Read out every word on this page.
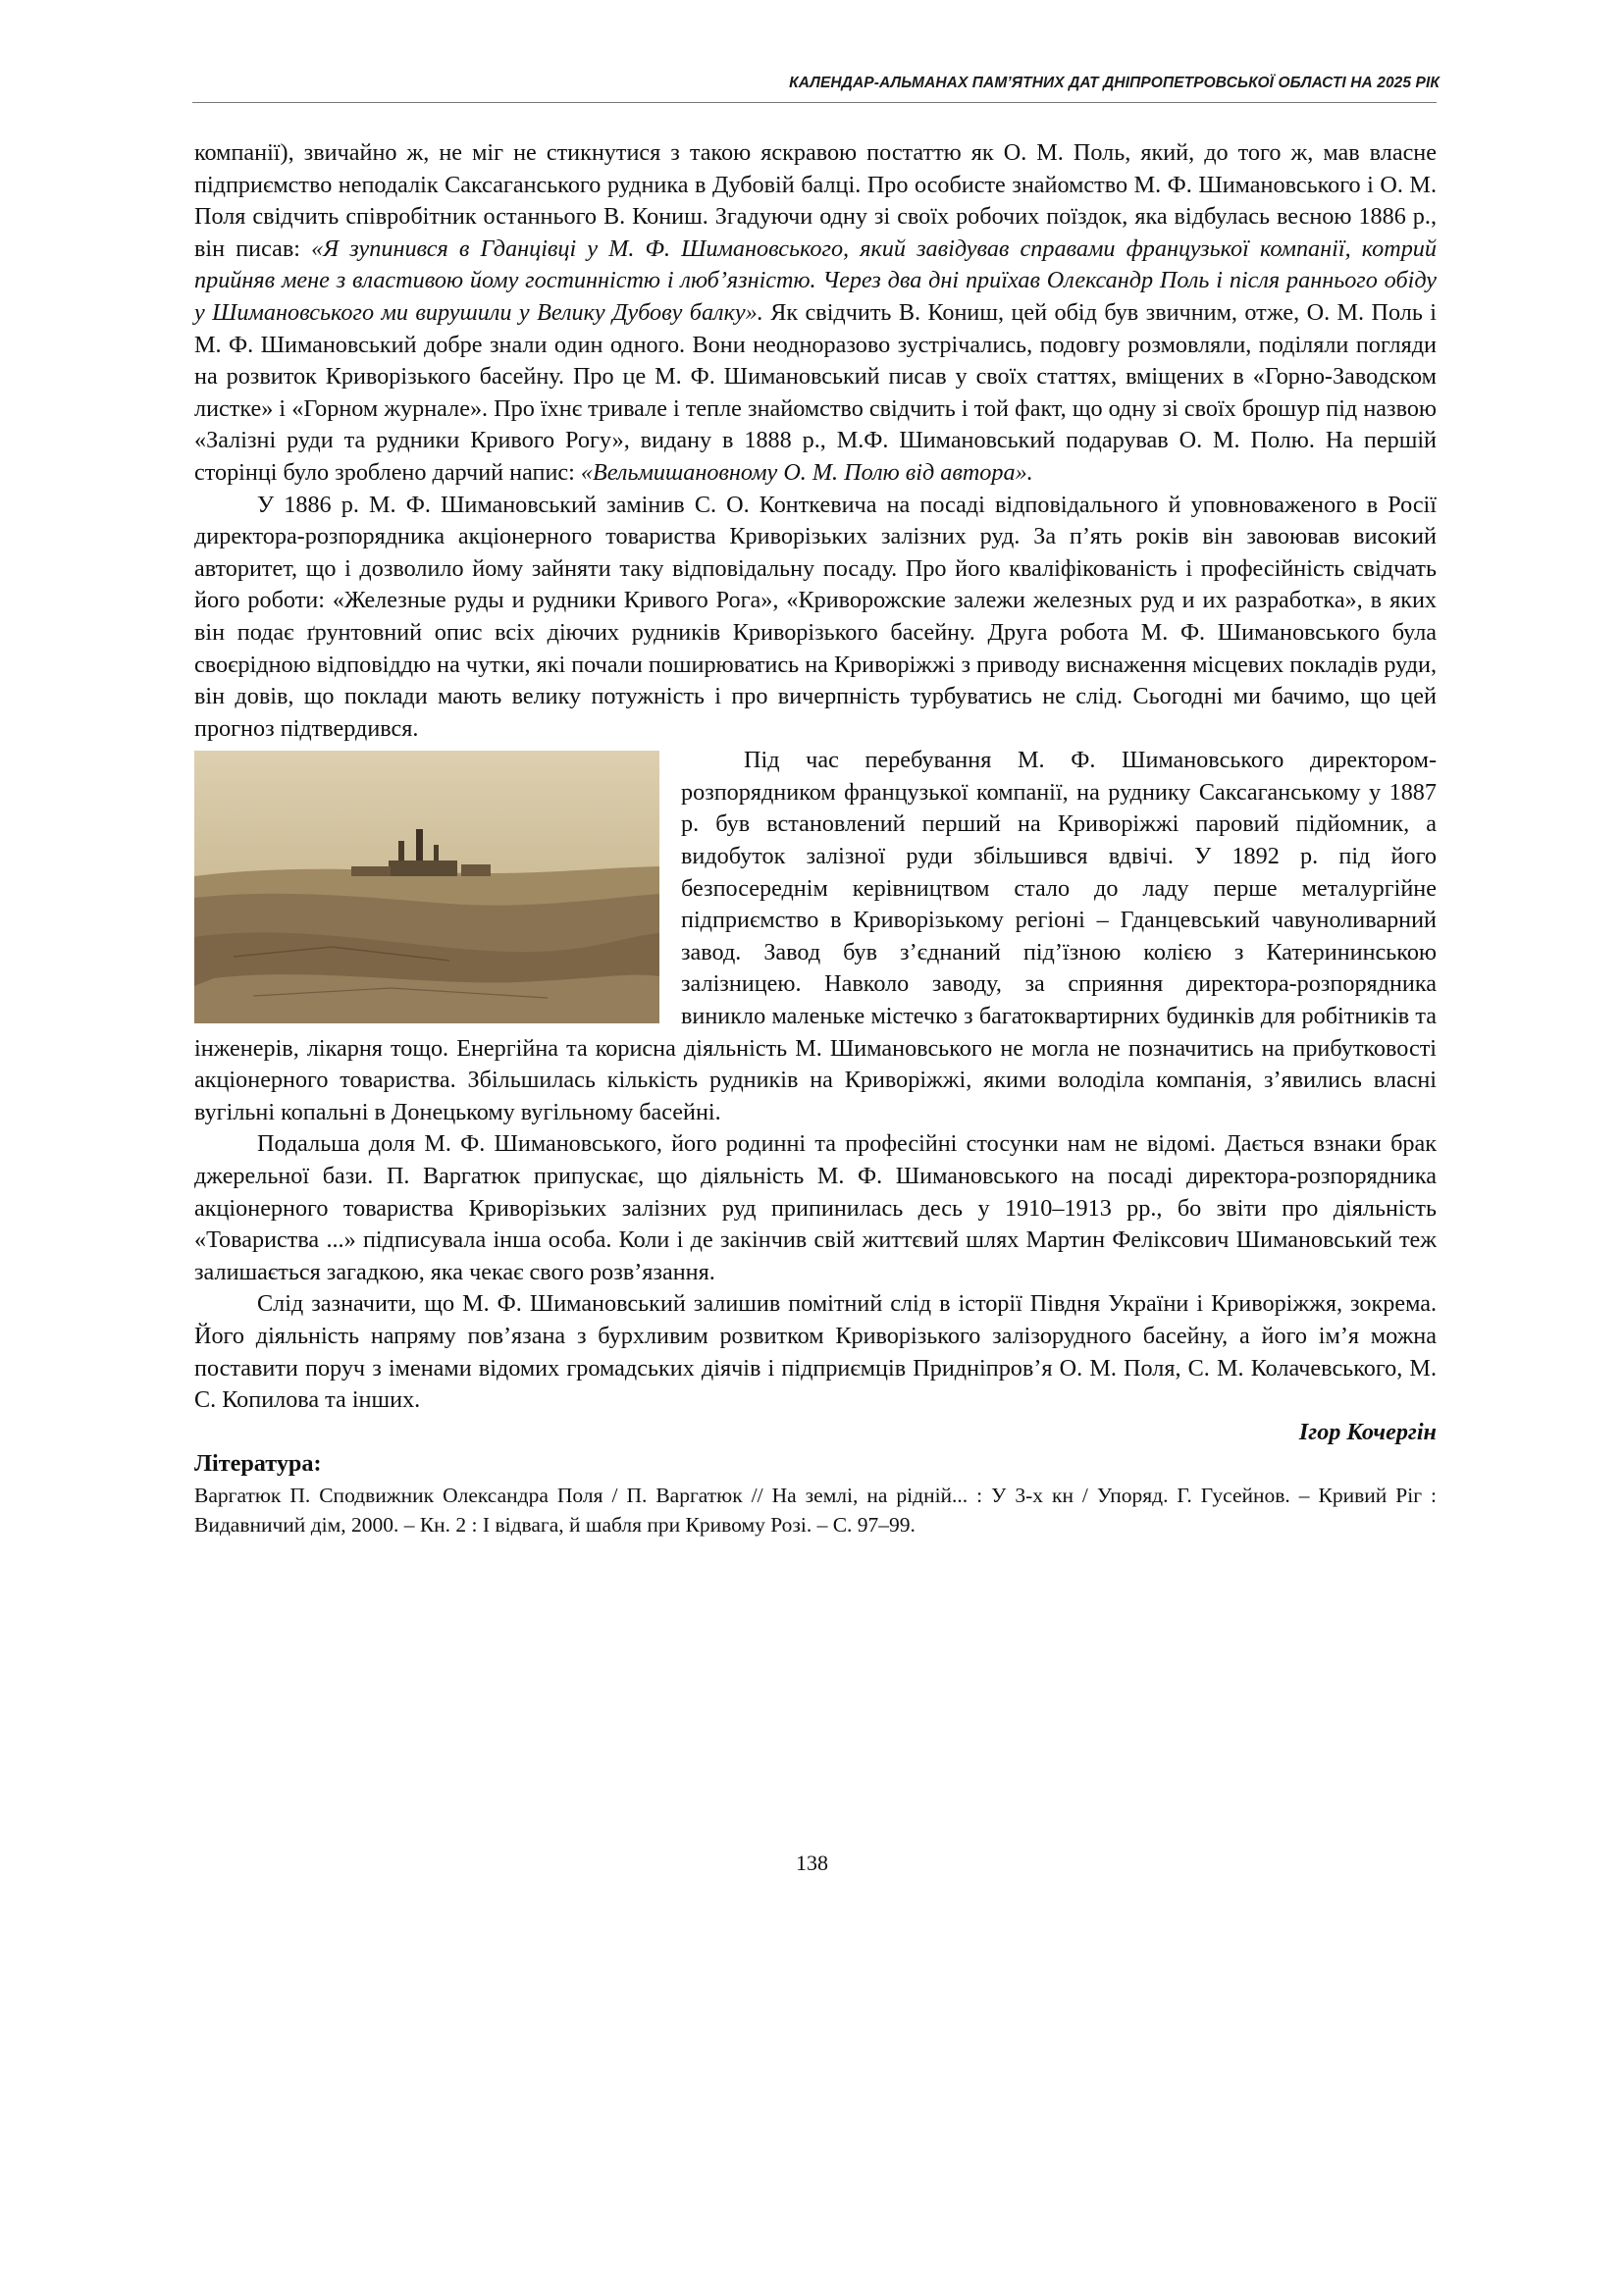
КАЛЕНДАР-АЛЬМАНАХ ПАМ’ЯТНИХ ДАТ ДНІПРОПЕТРОВСЬКОЇ ОБЛАСТІ НА 2025 РІК

компанії), звичайно ж, не міг не стикнутися з такою яскравою постаттю як О. М. Поль, який, до того ж, мав власне підприємство неподалік Саксаганського рудника в Дубовій балці. Про особисте знайомство М. Ф. Шимановського і О. М. Поля свідчить співробітник останнього В. Кониш. Згадуючи одну зі своїх робочих поїздок, яка відбулась весною 1886 р., він писав: «Я зупинився в Гданцівці у М. Ф. Шимановського, який завідував справами французької компанії, котрий прийняв мене з властивою йому гостинністю і люб’язністю. Через два дні приїхав Олександр Поль і після раннього обіду у Шимановського ми вирушили у Велику Дубову балку». Як свідчить В. Кониш, цей обід був звичним, отже, О. М. Поль і М. Ф. Шимановський добре знали один одного. Вони неодноразово зустрічались, подовгу розмовляли, поділяли погляди на розвиток Криворізького басейну. Про це М. Ф. Шимановський писав у своїх статтях, вміщених в «Горно-Заводском листке» і «Горном журнале». Про їхнє тривале і тепле знайомство свідчить і той факт, що одну зі своїх брошур під назвою «Залізні руди та рудники Кривого Рогу», видану в 1888 р., М.Ф. Шимановський подарував О. М. Полю. На першій сторінці було зроблено дарчий напис: «Вельмишановному О. М. Полю від автора».

У 1886 р. М. Ф. Шимановський замінив С. О. Конткевича на посаді відповідального й уповноваженого в Росії директора-розпорядника акціонерного товариства Криворізьких залізних руд. За п’ять років він завоював високий авторитет, що і дозволило йому зайняти таку відповідальну посаду. Про його кваліфікованість і професійність свідчать його роботи: «Железные руды и рудники Кривого Рога», «Криворожские залежи железных руд и их разработка», в яких він подає ґрунтовний опис всіх діючих рудників Криворізького басейну. Друга робота М. Ф. Шимановського була своєрідною відповіддю на чутки, які почали поширюватись на Криворіжжі з приводу виснаження місцевих покладів руди, він довів, що поклади мають велику потужність і про вичерпність турбуватись не слід. Сьогодні ми бачимо, що цей прогноз підтвердився.

Під час перебування М. Ф. Шимановського директором-розпорядником французької компанії, на руднику Саксаганському у 1887 р. був встановлений перший на Криворіжжі паровий підйомник, а видобуток залізної руди збільшився вдвічі. У 1892 р. під його безпосереднім керівництвом стало до ладу перше металургійне підприємство в Криворізькому регіоні – Гданцевський чавуноливарний завод. Завод був з’єднаний під’їзною колією з Катерининською залізницею. Навколо заводу, за сприяння директора-розпорядника виникло маленьке містечко з багатоквартирних будинків для робітників та інженерів, лікарня тощо. Енергійна та корисна діяльність М. Шимановського не могла не позначитись на прибутковості акціонерного товариства. Збільшилась кількість рудників на Криворіжжі, якими володіла компанія, з’явились власні вугільні копальні в Донецькому вугільному басейні.

Подальша доля М. Ф. Шимановського, його родинні та професійні стосунки нам не відомі. Дається взнаки брак джерельної бази. П. Варгатюк припускає, що діяльність М. Ф. Шимановського на посаді директора-розпорядника акціонерного товариства Криворізьких залізних руд припинилась десь у 1910–1913 рр., бо звіти про діяльність «Товариства ...» підписувала інша особа. Коли і де закінчив свій життєвий шлях Мартин Феліксович Шимановський теж залишається загадкою, яка чекає свого розв’язання.

Слід зазначити, що М. Ф. Шимановський залишив помітний слід в історії Півдня України і Криворіжжя, зокрема. Його діяльність напряму пов’язана з бурхливим розвитком Криворізького залізорудного басейну, а його ім’я можна поставити поруч з іменами відомих громадських діячів і підприємців Придніпров’я О. М. Поля, С. М. Колачевського, М. С. Копилова та інших.

Ігор Кочергін

Література:

Варгатюк П. Сподвижник Олександра Поля / П. Варгатюк // На землі, на рідній... : У 3-х кн / Упоряд. Г. Гусейнов. – Кривий Ріг : Видавничий дім, 2000. – Кн. 2 : І відвага, й шабля при Кривому Розі. – С. 97–99.

138
